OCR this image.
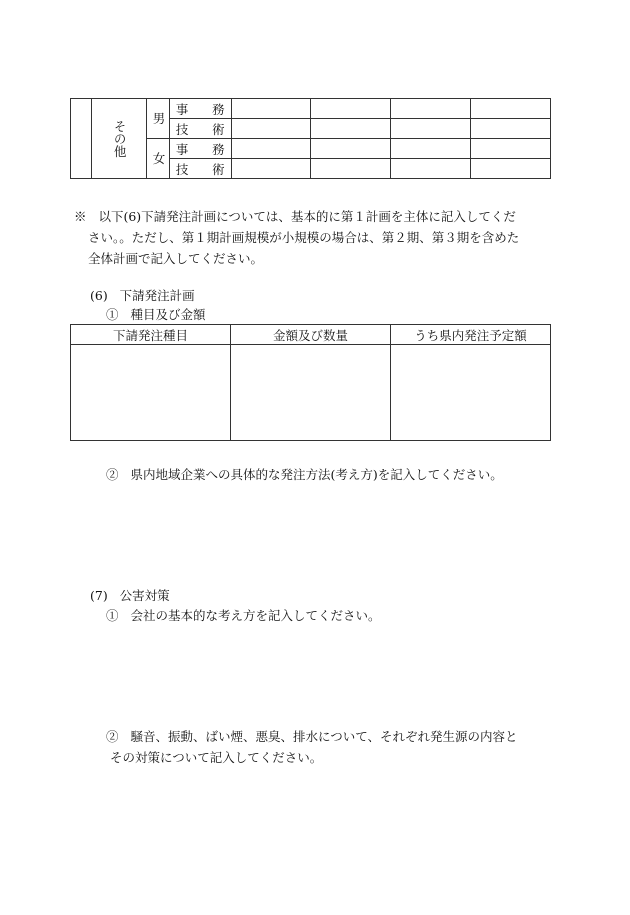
	その他	男	事 務				

			技 術				

		女	事 務				

			技 術				

※ 以下(6)下請発注計画については、基本的に第１計画を主体に記入してくだ
さい。。ただし、第１期計画規模が小規模の場合は、第２期、第３期を含めた
全体計画で記入してください。
(6) 下請発注計画
① 種目及び金額
下請発注種目	金額及び数量	うち県内発注予定額

② 県内地域企業への具体的な発注方法(考え方)を記入してください。
(7) 公害対策
① 会社の基本的な考え方を記入してください。
② 騒音、振動、ばい煙、悪臭、排水について、それぞれ発生源の内容と
その対策について記入してください。
